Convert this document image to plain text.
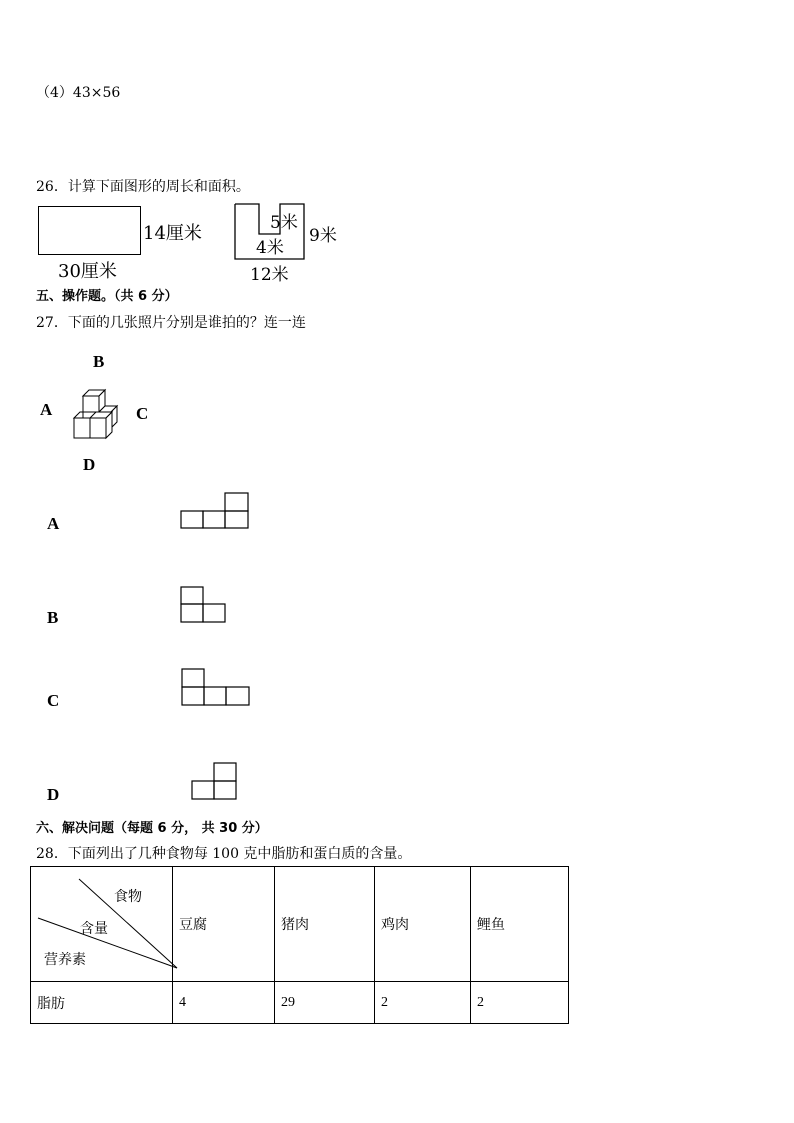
（4）43×56
26．计算下面图形的周长和面积。
14厘米
30厘米
5米
4米
9米
12米
五、操作题。（共 6 分）
27．下面的几张照片分别是谁拍的？连一连
B
A	C
D
A
B
C
D
六、解决问题（每题 6 分， 共 30 分）
28．下面列出了几种食物每 100 克中脂肪和蛋白质的含量。
食物
含量
营养素	豆腐	猪肉	鸡肉	鲤鱼
脂肪	4	29	2	2
